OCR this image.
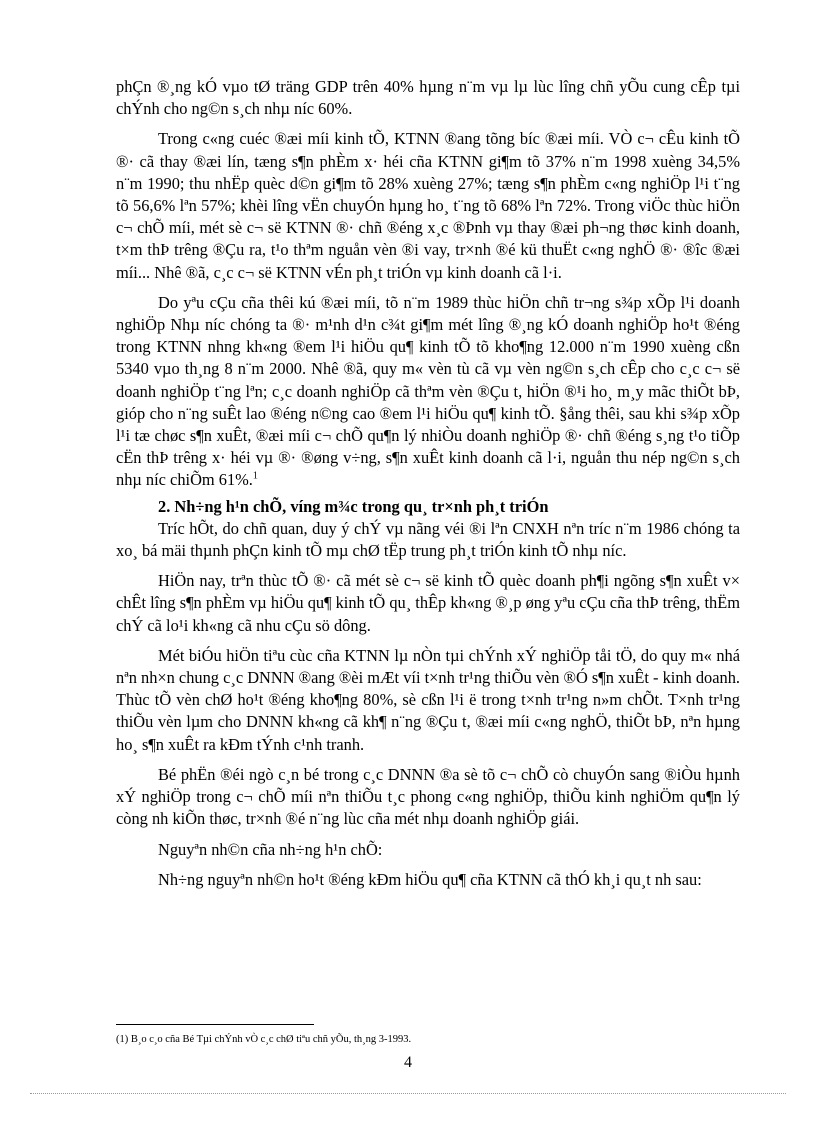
phÇn ®¸ng kÓ vµo tØ träng GDP trên 40% hµng n¨m vµ lµ lùc lîng chñ yÕu cung cÊp tµi chÝnh cho ng©n s¸ch nhµ níc 60%.

Trong c«ng cuéc ®æi míi kinh tÕ, KTNN ®ang tõng bíc ®æi míi. VÒ c¬ cÊu kinh tÕ ®· cã thay ®æi lín, tæng s¶n phÈm x· héi cña KTNN gi¶m tõ 37% n¨m 1998 xuèng 34,5% n¨m 1990; thu nhËp quèc d©n gi¶m tõ 28% xuèng 27%; tæng s¶n phÈm c«ng nghiÖp l¹i t¨ng tõ 56,6% lªn 57%; khèi lîng vËn chuyÓn hµng ho¸ t¨ng tõ 68% lªn 72%. Trong viÖc thùc hiÖn c¬ chÕ míi, mét sè c¬ së KTNN ®· chñ ®éng x¸c ®Þnh vµ thay ®æi ph¬ng thøc kinh doanh, t×m thÞ trêng ®Çu ra, t¹o thªm nguån vèn ®i vay, tr×nh ®é kü thuËt c«ng nghÖ ®· ®îc ®æi míi... Nhê ®ã, c¸c c¬ së KTNN vÉn ph¸t triÓn vµ kinh doanh cã l·i.

Do yªu cÇu cña thêi kú ®æi míi, tõ n¨m 1989 thùc hiÖn chñ tr¬ng s¾p xÕp l¹i doanh nghiÖp Nhµ níc chóng ta ®· m¹nh d¹n c¾t gi¶m mét lîng ®¸ng kÓ doanh nghiÖp ho¹t ®éng trong KTNN nhng kh«ng ®em l¹i hiÖu qu¶ kinh tÕ tõ kho¶ng 12.000 n¨m 1990 xuèng cßn 5340 vµo th¸ng 8 n¨m 2000. Nhê ®ã, quy m« vèn tù cã vµ vèn ng©n s¸ch cÊp cho c¸c c¬ së doanh nghiÖp t¨ng lªn; c¸c doanh nghiÖp cã thªm vèn ®Çu t, hiÖn ®¹i ho¸ m¸y mãc thiÕt bÞ, gióp cho n¨ng suÊt lao ®éng n©ng cao ®em l¹i hiÖu qu¶ kinh tÕ. §ång thêi, sau khi s¾p xÕp l¹i tæ chøc s¶n xuÊt, ®æi míi c¬ chÕ qu¶n lý nhiÒu doanh nghiÖp ®· chñ ®éng s¸ng t¹o tiÕp cËn thÞ trêng x· héi vµ ®· ®øng v÷ng, s¶n xuÊt kinh doanh cã l·i, nguån thu nép ng©n s¸ch nhµ níc chiÕm 61%.$^1$

2. Nh÷ng h¹n chÕ, víng m¾c trong qu¸ tr×nh ph¸t triÓn

Tríc hÕt, do chñ quan, duy ý chÝ vµ nãng véi ®i lªn CNXH nªn tríc n¨m 1986 chóng ta xo¸ bá mäi thµnh phÇn kinh tÕ mµ chØ tËp trung ph¸t triÓn kinh tÕ nhµ níc.

HiÖn nay, trªn thùc tÕ ®· cã mét sè c¬ së kinh tÕ quèc doanh ph¶i ngõng s¶n xuÊt v× chÊt lîng s¶n phÈm vµ hiÖu qu¶ kinh tÕ qu¸ thÊp kh«ng ®¸p øng yªu cÇu cña thÞ trêng, thËm chÝ cã lo¹i kh«ng cã nhu cÇu sö dông.

Mét biÓu hiÖn tiªu cùc cña KTNN lµ nÒn tµi chÝnh xÝ nghiÖp tåi tÖ, do quy m« nhá nªn nh×n chung c¸c DNNN ®ang ®èi mÆt víi t×nh tr¹ng thiÕu vèn ®Ó s¶n xuÊt - kinh doanh. Thùc tÕ vèn chØ ho¹t ®éng kho¶ng 80%, sè cßn l¹i ë trong t×nh tr¹ng n»m chÕt. T×nh tr¹ng thiÕu vèn lµm cho DNNN kh«ng cã kh¶ n¨ng ®Çu t, ®æi míi c«ng nghÖ, thiÕt bÞ, nªn hµng ho¸ s¶n xuÊt ra kÐm tÝnh c¹nh tranh.

Bé phËn ®éi ngò c¸n bé trong c¸c DNNN ®a sè tõ c¬ chÕ cò chuyÓn sang ®iÒu hµnh xÝ nghiÖp trong c¬ chÕ míi nªn thiÕu t¸c phong c«ng nghiÖp, thiÕu kinh nghiÖm qu¶n lý còng nh kiÕn thøc, tr×nh ®é n¨ng lùc cña mét nhµ doanh nghiÖp giái.

Nguyªn nh©n cña nh÷ng h¹n chÕ:

Nh÷ng nguyªn nh©n ho¹t ®éng kÐm hiÖu qu¶ cña KTNN cã thÓ kh¸i qu¸t nh sau:

(1) B¸o c¸o cña Bé Tµi chÝnh vÒ c¸c chØ tiªu chñ yÕu, th¸ng 3-1993.
4
